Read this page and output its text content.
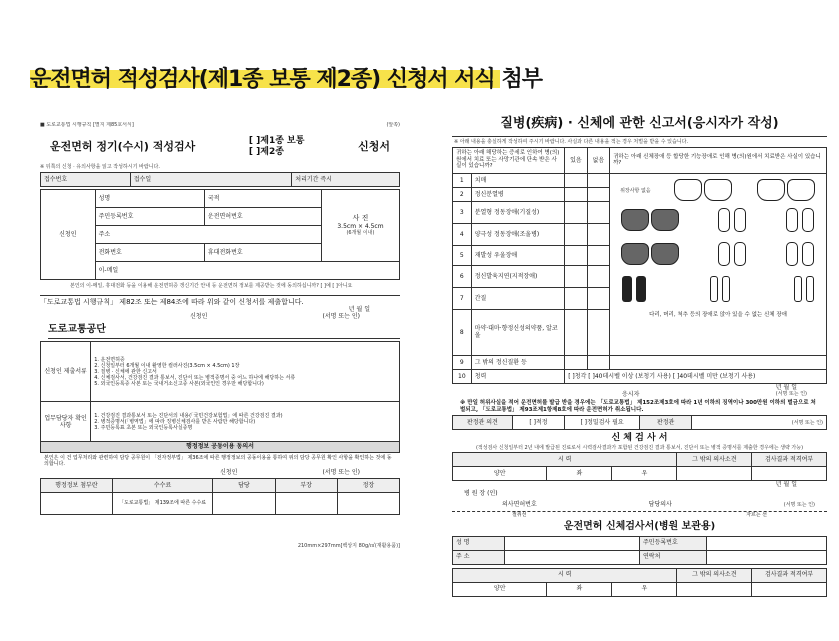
운전면허 적성검사(제1종 보통 제2종) 신청서 서식 첨부
■ 도로교통법 시행규칙 [별지 제85호서식]	(앞쪽)
운전면허 정기(수시) 적성검사	[ ]제1종 보통
[ ]제2종	신청서
※ 뒤쪽의 신청 · 유의사항을 읽고 작성하시기 바랍니다.
접수번호	접수일	처리기간 즉시
신청인	성명	국적	사 진
3.5cm × 4.5cm
(6개월 이내)

	주민등록번호	운전면허번호	
	주소		
	전화번호	휴대전화번호	
	이-메일		
본인의 이-메일, 휴대전화 등을 이용해 운전면허증 갱신기간 안내 등 운전면허 정보를 제공받는 것에 동의하십니까? [ ]예 [ ]아니요
「도로교통법 시행규칙」 제82조 또는 제84조에 따라 위와 같이 신청서를 제출합니다.
년 월 일
신청인	(서명 또는 인)
도로교통공단
신청인 제출서류	1. 운전면허증
2. 신청일부터 6개월 이내 촬영한 컬러사진(3.5cm × 4.5cm) 1장
3. 질병 · 신체에 관한 신고서
4. 신체검사서, 건강검진 결과 통보서, 진단서 또는 병적증명서 중 어느 하나에 해당하는 서류
5. 외국인등록증 사본 또는 국내거소신고증 사본(외국인인 경우만 해당합니다)

업무담당자 확인사항	1. 건강검진 결과통보서 또는 진단서의 내용(「국민건강보험법」에 따른 건강검진 결과)
2. 병적증명서(「병역법」에 따라 징병신체검사를 받은 사람만 해당합니다)
3. 주민등록표 초본 또는 외국인등록사실증명
행정정보 공동이용 동의서
본인은 이 건 업무처리와 관련하여 담당 공무원이 「전자정부법」 제36조에 따른 행정정보의 공동이용을 통하여 위의 담당 공무원 확인 사항을 확인하는 것에 동의합니다.
신청인	(서명 또는 인)
행정정보 첨부란	수수료	담당	부장	정장
	「도로교통법」 제139조에 따른 수수료			
210mm×297mm[백상지 80g/㎡(재활용품)]
질병(疾病) · 신체에 관한 신고서(응시자가 작성)
※ 아래 내용을 충실하게 작성하여 주시기 바랍니다. 사실과 다른 내용을 적는 경우 처벌을 받을 수 있습니다.
귀하는 아래 해당하는 증세로 인하여 병(의)원에서 치료 또는 사망기관에 단속 받은 사실이 있습니까?		있음	없음	귀하는 아래 신체장애 등 합당한 기능장애로 인해 병(의)원에서 치료받은 사실이 있습니까?
1	치매			위장사항 없음
다리, 머리, 척추 등의 장애로 앉아 있을 수 없는 신체 장애

2	정신분열병			
3	분열형 정동장애(기질성)			
4	양극성 정동장애(조울병)			
5	재발성 우울장애			
6	정신발육지연(지적장애)			
7	간질			
8	마약·대마·향정신성의약품, 알코올			
9	그 밖의 정신질환 등			
10	청력	[ ]청각 [ ]40데시벨 이상 (보청기 사용) [ ]40데시벨 미만 (보청기 사용)		
년 월 일
응시자	(서명 또는 인)
※ 만일 허위사실을 적어 운전면허를 발급 받을 경우에는 「도로교통법」 제152조제3호에 따라 1년 이하의 징역이나 300만원 이하의 벌금으로 처벌되고, 「도로교통법」 제93조제1항제8호에 따라 운전면허가 취소됩니다.
판정관 의견	[ ]적정	[ ]정밀검사 필요	판정관	(서명 또는 인)
신 체 검 사 서
(적성검사 신청일부터 2년 내에 발급된 진료로서 시력검사결과가 포함된 건강검진 결과 통보서, 진단서 또는 병적 증명서를 제출한 경우에는 생략 가능)
시 력			그 밖의 의사소견	검사결과 적격여부
양안	좌	우		
년 월 일
병 원 장 (인)
의사면허번호	담당의사	(서명 또는 인)
절취선	자르는 선
운전면허 신체검사서(병원 보관용)
성 명		주민등록번호	
주 소		연락처	
시 력			그 밖의 의사소견	검사결과 적격여부
양안	좌	우		
